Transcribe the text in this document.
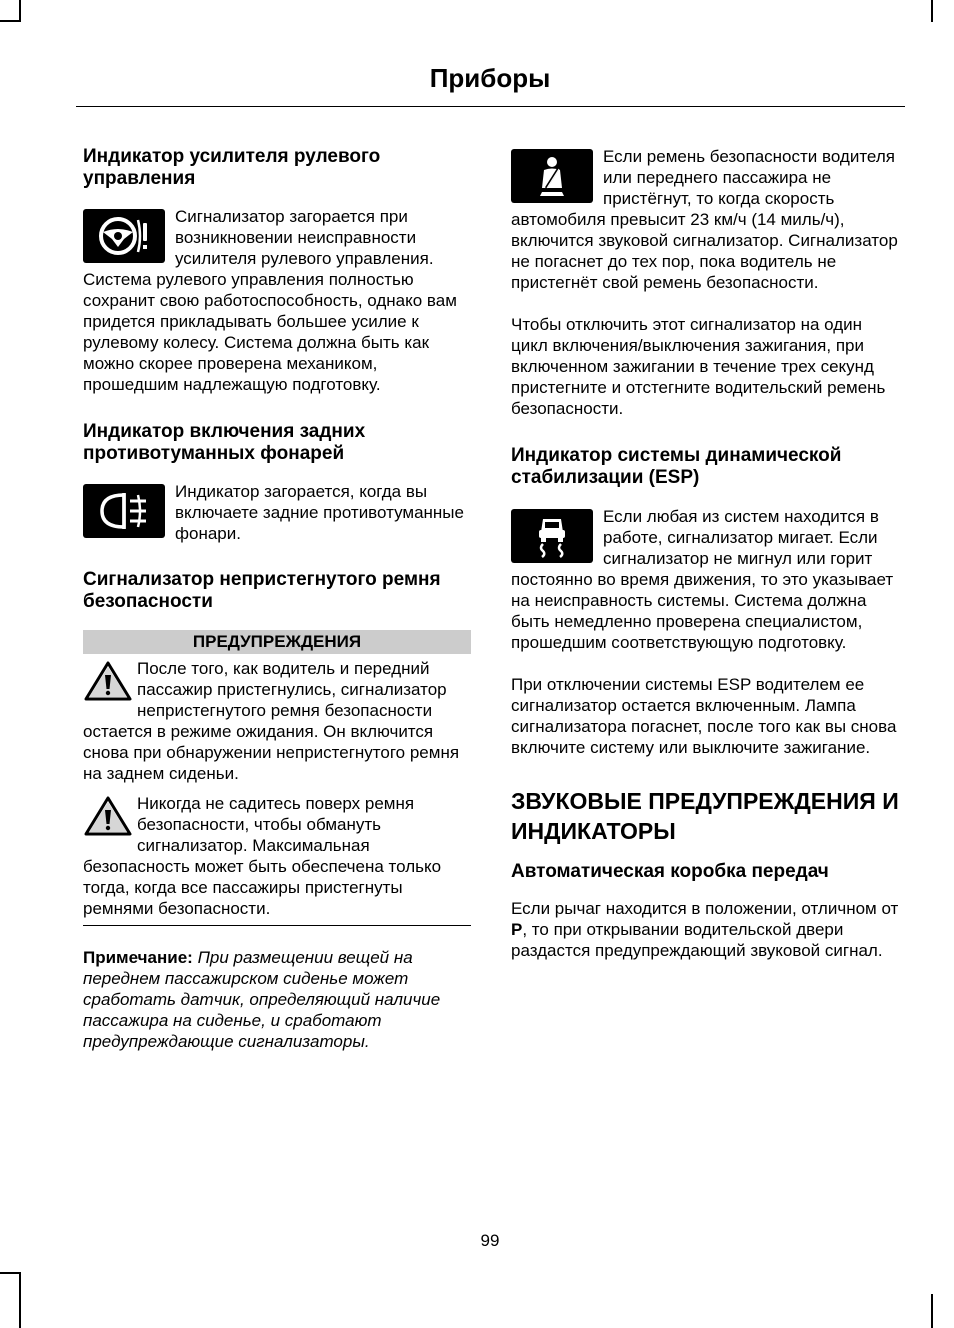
Приборы

Индикатор усилителя рулевого управления

Сигнализатор загорается при возникновении неисправности усилителя рулевого управления. Система рулевого управления полностью сохранит свою работоспособность, однако вам придется прикладывать большее усилие к рулевому колесу. Система должна быть как можно скорее проверена механиком, прошедшим надлежащую подготовку.

Индикатор включения задних противотуманных фонарей

Индикатор загорается, когда вы включаете задние противотуманные фонари.

Сигнализатор непристегнутого ремня безопасности

ПРЕДУПРЕЖДЕНИЯ

После того, как водитель и передний пассажир пристегнулись, сигнализатор непристегнутого ремня безопасности остается в режиме ожидания. Он включится снова при обнаружении непристегнутого ремня на заднем сиденьи.

Никогда не садитесь поверх ремня безопасности, чтобы обмануть сигнализатор. Максимальная безопасность может быть обеспечена только тогда, когда все пассажиры пристегнуты ремнями безопасности.

Примечание: При размещении вещей на переднем пассажирском сиденье может сработать датчик, определяющий наличие пассажира на сиденье, и сработают предупреждающие сигнализаторы.

Если ремень безопасности водителя или переднего пассажира не пристёгнут, то когда скорость автомобиля превысит 23 км/ч (14 миль/ч), включится звуковой сигнализатор. Сигнализатор не погаснет до тех пор, пока водитель не пристегнёт свой ремень безопасности.

Чтобы отключить этот сигнализатор на один цикл включения/выключения зажигания, при включенном зажигании в течение трех секунд пристегните и отстегните водительский ремень безопасности.

Индикатор системы динамической стабилизации (ESP)

Если любая из систем находится в работе, сигнализатор мигает. Если сигнализатор не мигнул или горит постоянно во время движения, то это указывает на неисправность системы. Система должна быть немедленно проверена специалистом, прошедшим соответствующую подготовку.

При отключении системы ESP водителем ее сигнализатор остается включенным. Лампа сигнализатора погаснет, после того как вы снова включите систему или выключите зажигание.

ЗВУКОВЫЕ ПРЕДУПРЕЖДЕНИЯ И ИНДИКАТОРЫ

Автоматическая коробка передач

Если рычаг находится в положении, отличном от P, то при открывании водительской двери раздастся предупреждающий звуковой сигнал.

99
